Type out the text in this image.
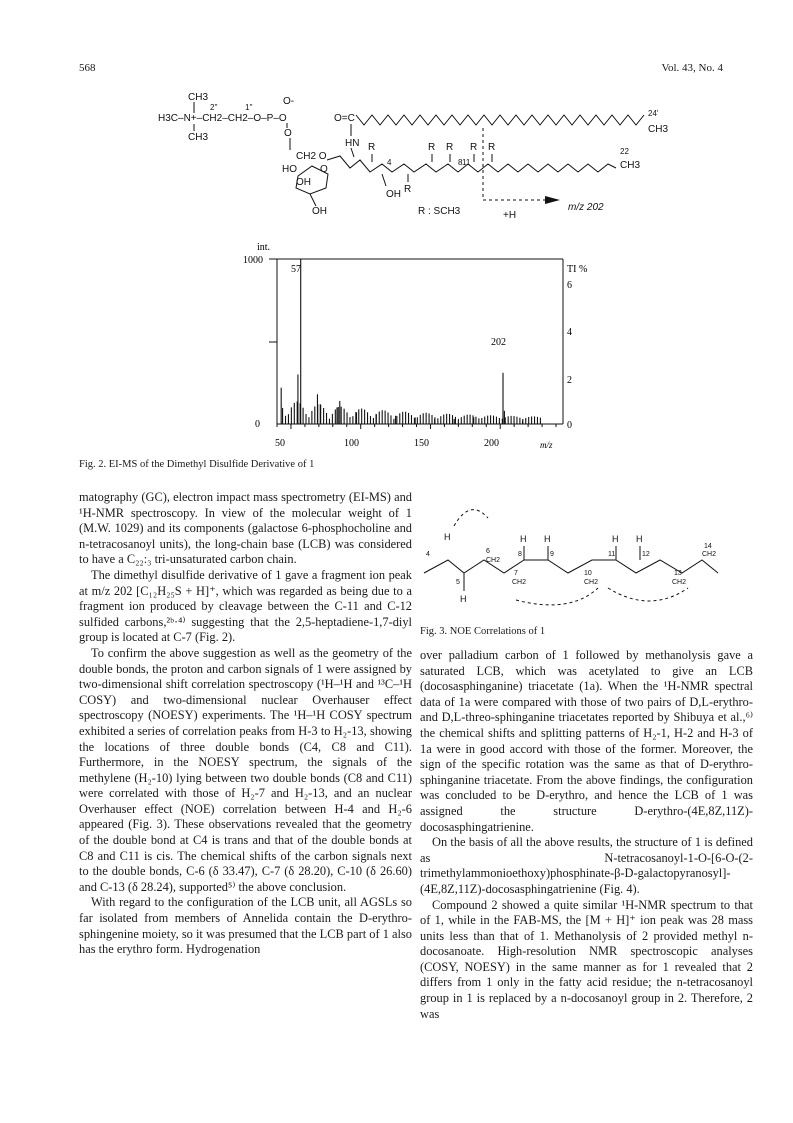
568	Vol. 43, No. 4
CH3
2''	1''
O-
H3C–N+–CH2–CH2–O–P–O
CH3	O
O=C
HN
CH2 O
HO O
OH
OH
OH
4	8 11
R	R R R R
R
R : SCH3	+H
m/z 202
24'
CH3
22
CH3
int.
1000
0
TI %
6
4
2
0
50	100	150	200	m/z
57
202
Fig. 2. EI-MS of the Dimethyl Disulfide Derivative of 1
H
4
5
H
6
CH2
7
CH2
H H
8	9
10
CH2
H H
11	12
13
CH2
14
CH2
Fig. 3. NOE Correlations of 1

matography (GC), electron impact mass spectrometry (EI-MS) and ¹H-NMR spectroscopy. In view of the molecular weight of 1 (M.W. 1029) and its components (galactose 6-phosphocholine and n-tetracosanoyl units), the long-chain base (LCB) was considered to have a C₂₂:₃ tri-unsaturated carbon chain.

The dimethyl disulfide derivative of 1 gave a fragment ion peak at m/z 202 [C₁₂H₂₅S + H]⁺, which was regarded as being due to a fragment ion produced by cleavage between the C-11 and C-12 sulfided carbons,²ᵇ·⁴⁾ suggesting that the 2,5-heptadiene-1,7-diyl group is located at C-7 (Fig. 2).

To confirm the above suggestion as well as the geometry of the double bonds, the proton and carbon signals of 1 were assigned by two-dimensional shift correlation spectroscopy (¹H–¹H and ¹³C–¹H COSY) and two-dimensional nuclear Overhauser effect spectroscopy (NOESY) experiments. The ¹H–¹H COSY spectrum exhibited a series of correlation peaks from H-3 to H₂-13, showing the locations of three double bonds (C4, C8 and C11). Furthermore, in the NOESY spectrum, the signals of the methylene (H₂-10) lying between two double bonds (C8 and C11) were correlated with those of H₂-7 and H₂-13, and an nuclear Overhauser effect (NOE) correlation between H-4 and H₂-6 appeared (Fig. 3). These observations revealed that the geometry of the double bond at C4 is trans and that of the double bonds at C8 and C11 is cis. The chemical shifts of the carbon signals next to the double bonds, C-6 (δ 33.47), C-7 (δ 28.20), C-10 (δ 26.60) and C-13 (δ 28.24), supported⁵⁾ the above conclusion.

With regard to the configuration of the LCB unit, all AGSLs so far isolated from members of Annelida contain the D-erythro-sphingenine moiety, so it was presumed that the LCB part of 1 also has the erythro form. Hydrogenation

over palladium carbon of 1 followed by methanolysis gave a saturated LCB, which was acetylated to give an LCB (docosasphinganine) triacetate (1a). When the ¹H-NMR spectral data of 1a were compared with those of two pairs of D,L-erythro- and D,L-threo-sphinganine triacetates reported by Shibuya et al.,⁶⁾ the chemical shifts and splitting patterns of H₂-1, H-2 and H-3 of 1a were in good accord with those of the former. Moreover, the sign of the specific rotation was the same as that of D-erythro-sphinganine triacetate. From the above findings, the configuration was concluded to be D-erythro, and hence the LCB of 1 was assigned the structure D-erythro-(4E,8Z,11Z)-docosasphingatrienine.

On the basis of all the above results, the structure of 1 is defined as N-tetracosanoyl-1-O-[6-O-(2-trimethylammonioethoxy)phosphinate-β-D-galactopyranosyl]-(4E,8Z,11Z)-docosasphingatrienine (Fig. 4).

Compound 2 showed a quite similar ¹H-NMR spectrum to that of 1, while in the FAB-MS, the [M + H]⁺ ion peak was 28 mass units less than that of 1. Methanolysis of 2 provided methyl n-docosanoate. High-resolution NMR spectroscopic analyses (COSY, NOESY) in the same manner as for 1 revealed that 2 differs from 1 only in the fatty acid residue; the n-tetracosanoyl group in 1 is replaced by a n-docosanoyl group in 2. Therefore, 2 was
